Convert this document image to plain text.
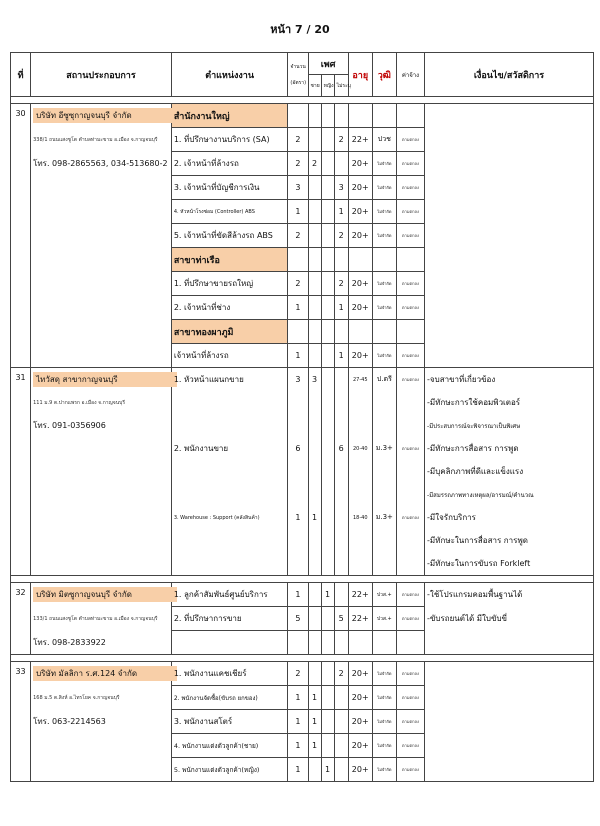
หน้า 7 / 20
ที่	สถานประกอบการ	ตำแหน่งงาน	จำนวน
(อัตรา)	เพศ			อายุ	วุฒิ	ค่าจ้าง	เงื่อนไข/สวัสดิการ
				ชาย	หญิง	ไม่ระบุ				

30	บริษัท อีซูซุกาญจนบุรี จำกัด	สำนักงานใหญ่								
	338/1 ถนนแสงชูโต ตำบลท่ามะขาม อ.เมือง จ.กาญจนบุรี	1. ที่ปรึกษางานบริการ (SA)	2			2	22+	ปวช	ตามตกลง	
	โทร. 098-2865563, 034-513680-2	2. เจ้าหน้าที่ล้างรถ	2	2			20+	ไม่จำกัด	ตามตกลง	
		3. เจ้าหน้าที่บัญชีการเงิน	3			3	20+	ไม่จำกัด	ตามตกลง	
		4. หัวหน้าโรงซ่อม (Controller) ABS	1			1	20+	ไม่จำกัด	ตามตกลง	
		5. เจ้าหน้าที่ขัดสีล้างรถ ABS	2			2	20+	ไม่จำกัด	ตามตกลง	
		สาขาท่าเรือ								
		1. ที่ปรึกษาขายรถใหญ่	2			2	20+	ไม่จำกัด	ตามตกลง	
		2. เจ้าหน้าที่ช่าง	1			1	20+	ไม่จำกัด	ตามตกลง	
		สาขาทองผาภูมิ								
		เจ้าหน้าที่ล้างรถ	1			1	20+	ไม่จำกัด	ตามตกลง	
31	ไทวัสดุ สาขากาญจนบุรี	1. หัวหน้าแผนกขาย	3	3			27-45	ป.ตรี	ตามตกลง	-จบสาขาที่เกี่ยวข้อง
	111 ม.9 ต.ปากแพรก อ.เมือง จ.กาญจนบุรี									-มีทักษะการใช้คอมพิวเตอร์
	โทร. 091-0356906									-มีประสบการณ์จะพิจารณาเป็นพิเศษ
		2. พนักงานขาย	6			6	20-40	ม.3+	ตามตกลง	-มีทักษะการสื่อสาร การพูด
										-มีบุคลิกภาพที่ดีและแข็งแรง
										-มีสมรรถภาพทางเหตุผล/อารมณ์/คำนวณ
		3. Warehouse : Support (คลังสินค้า)	1	1			18-40	ม.3+	ตามตกลง	-มีใจรักบริการ
										-มีทักษะในการสื่อสาร การพูด
										-มีทักษะในการขับรถ Forkleft

32	บริษัท มิตซูกาญจนบุรี จำกัด	1. ลูกค้าสัมพันธ์ศูนย์บริการ	1		1		22+	ปวส.+	ตามตกลง	-ใช้โปรแกรมคอมพื้นฐานได้
	133/1 ถนนแสงชูโต ตำบลท่ามะขาม อ.เมือง จ.กาญจนบุรี	2. ที่ปรึกษาการขาย	5			5	22+	ปวส.+	ตามตกลง	-ขับรถยนต์ได้ มีใบขับขี่
	โทร. 098-2833922									

33	บริษัท มัลลิกา ร.ศ.124 จำกัด	1. พนักงานแคชเชียร์	2			2	20+	ไม่จำกัด	ตามตกลง	
	168 ม.5 ต.สิงห์ อ.ไทรโยค จ.กาญจนบุรี	2. พนักงานจัดซื้อ(ขับรถ ยกของ)	1	1			20+	ไม่จำกัด	ตามตกลง	
	โทร. 063-2214563	3. พนักงานสโตร์	1	1			20+	ไม่จำกัด	ตามตกลง	
		4. พนักงานแต่งตัวลูกค้า(ชาย)	1	1			20+	ไม่จำกัด	ตามตกลง	
		5. พนักงานแต่งตัวลูกค้า(หญิง)	1		1		20+	ไม่จำกัด	ตามตกลง	
